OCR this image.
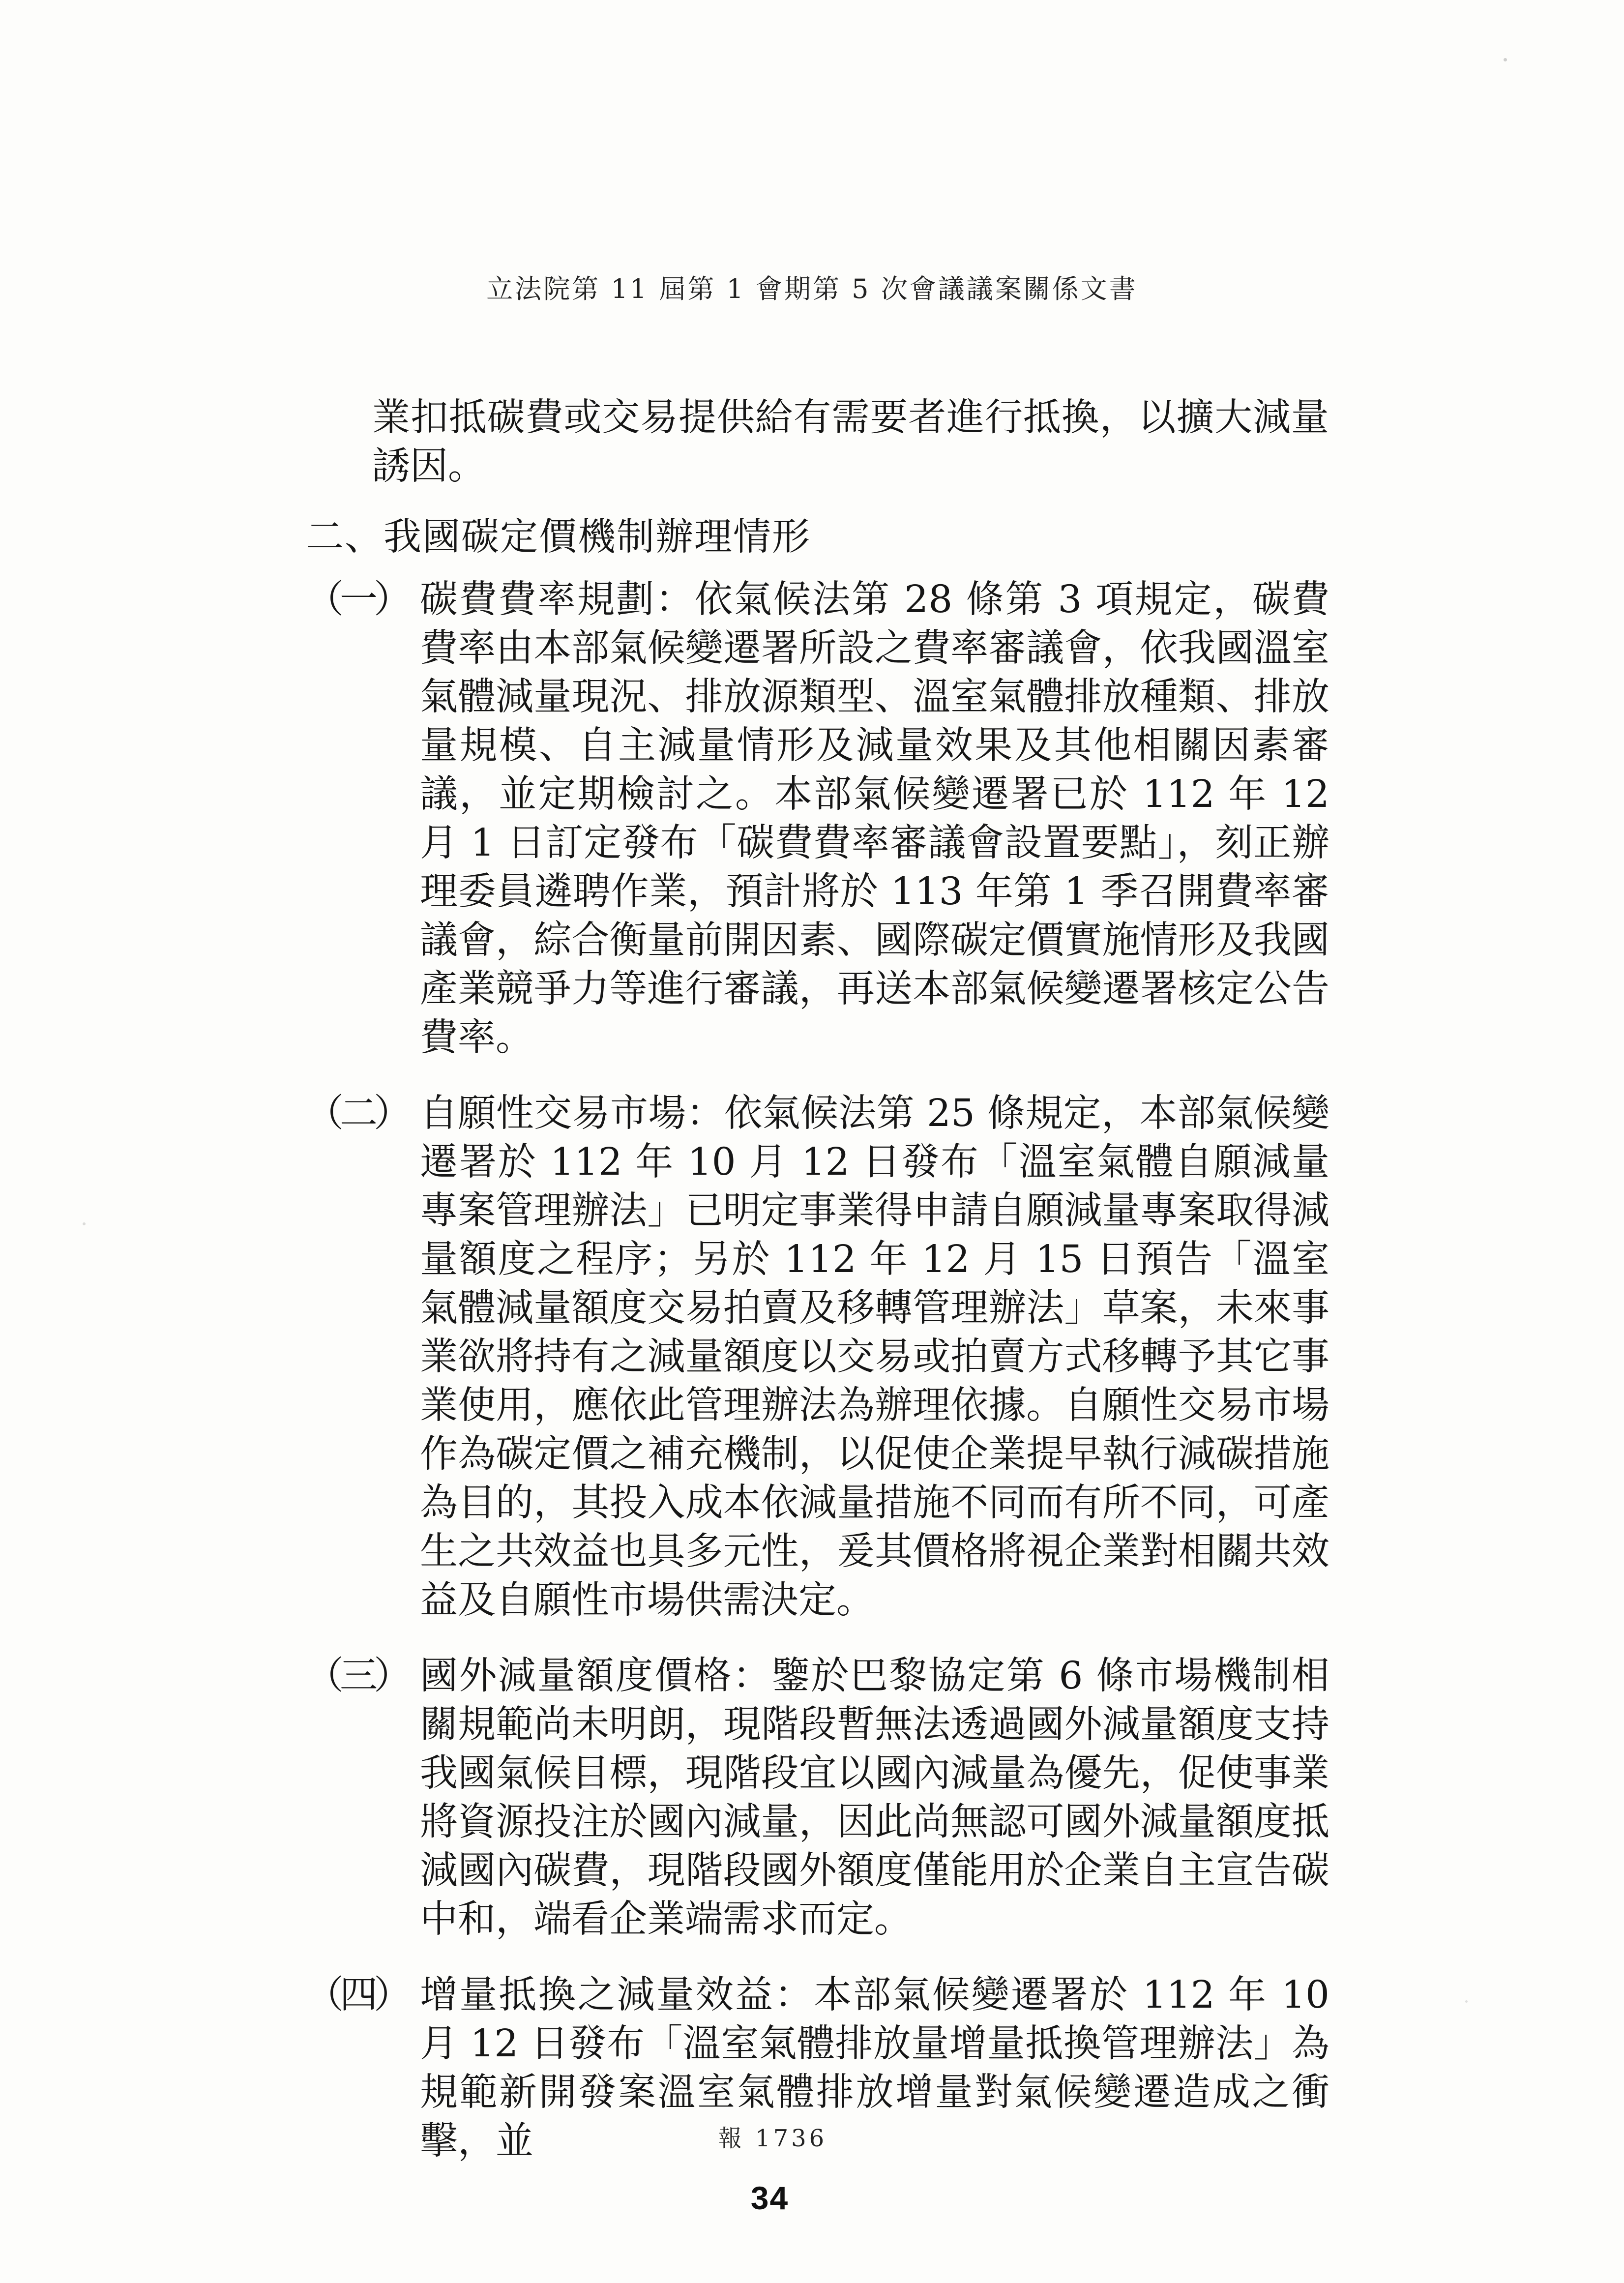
立法院第 11 屆第 1 會期第 5 次會議議案關係文書

業扣抵碳費或交易提供給有需要者進行抵換，以擴大減量誘因。

二、我國碳定價機制辦理情形

（一） 碳費費率規劃：依氣候法第 28 條第 3 項規定，碳費費率由本部氣候變遷署所設之費率審議會，依我國溫室氣體減量現況、排放源類型、溫室氣體排放種類、排放量規模、自主減量情形及減量效果及其他相關因素審議，並定期檢討之。本部氣候變遷署已於 112 年 12 月 1 日訂定發布「碳費費率審議會設置要點」，刻正辦理委員遴聘作業，預計將於 113 年第 1 季召開費率審議會，綜合衡量前開因素、國際碳定價實施情形及我國產業競爭力等進行審議，再送本部氣候變遷署核定公告費率。
（二） 自願性交易市場：依氣候法第 25 條規定，本部氣候變遷署於 112 年 10 月 12 日發布「溫室氣體自願減量專案管理辦法」已明定事業得申請自願減量專案取得減量額度之程序；另於 112 年 12 月 15 日預告「溫室氣體減量額度交易拍賣及移轉管理辦法」草案，未來事業欲將持有之減量額度以交易或拍賣方式移轉予其它事業使用，應依此管理辦法為辦理依據。自願性交易市場作為碳定價之補充機制，以促使企業提早執行減碳措施為目的，其投入成本依減量措施不同而有所不同，可產生之共效益也具多元性，爰其價格將視企業對相關共效益及自願性市場供需決定。
（三） 國外減量額度價格：鑒於巴黎協定第 6 條市場機制相關規範尚未明朗，現階段暫無法透過國外減量額度支持我國氣候目標，現階段宜以國內減量為優先，促使事業將資源投注於國內減量，因此尚無認可國外減量額度抵減國內碳費，現階段國外額度僅能用於企業自主宣告碳中和，端看企業端需求而定。
（四） 增量抵換之減量效益：本部氣候變遷署於 112 年 10 月 12 日發布「溫室氣體排放量增量抵換管理辦法」為規範新開發案溫室氣體排放增量對氣候變遷造成之衝擊，並	報 1736
34
